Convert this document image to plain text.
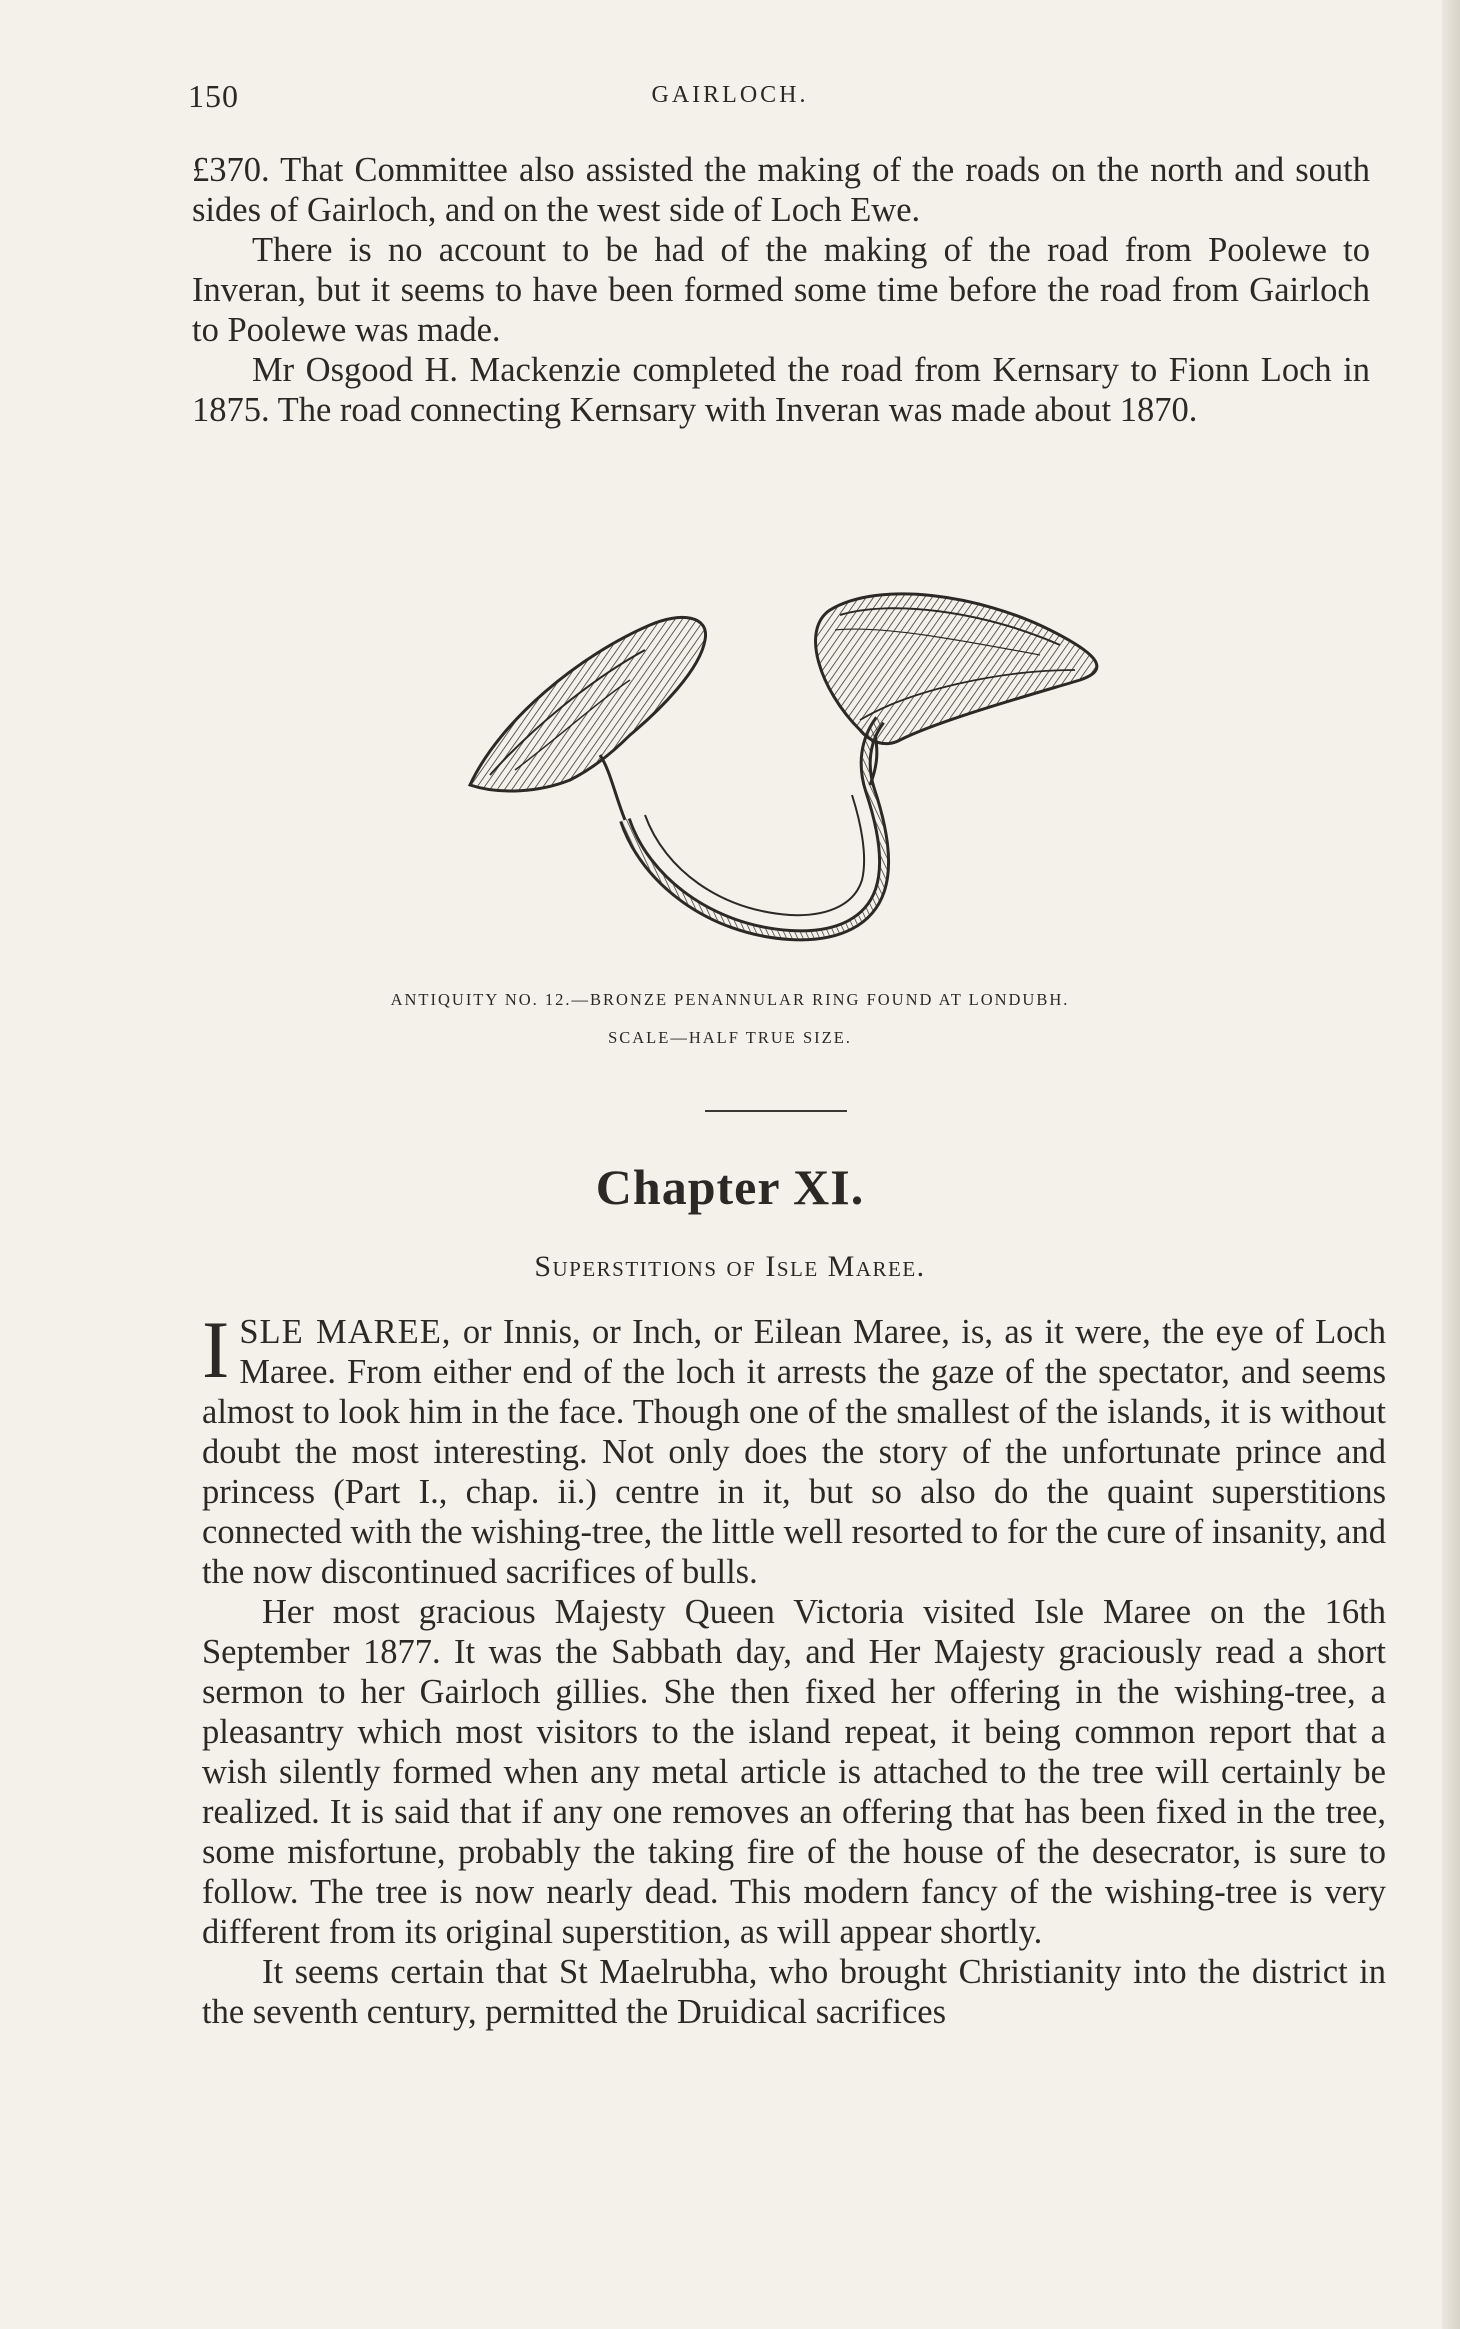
150	GAIRLOCH.

£370. That Committee also assisted the making of the roads on the north and south sides of Gairloch, and on the west side of Loch Ewe.

There is no account to be had of the making of the road from Poolewe to Inveran, but it seems to have been formed some time before the road from Gairloch to Poolewe was made.

Mr Osgood H. Mackenzie completed the road from Kernsary to Fionn Loch in 1875. The road connecting Kernsary with Inveran was made about 1870.

ANTIQUITY NO. 12.—BRONZE PENANNULAR RING FOUND AT LONDUBH.
SCALE—HALF TRUE SIZE.
Chapter XI.
Superstitions of Isle Maree.

ISLE MAREE, or Innis, or Inch, or Eilean Maree, is, as it were, the eye of Loch Maree. From either end of the loch it arrests the gaze of the spectator, and seems almost to look him in the face. Though one of the smallest of the islands, it is without doubt the most interesting. Not only does the story of the unfortunate prince and princess (Part I., chap. ii.) centre in it, but so also do the quaint superstitions connected with the wishing-tree, the little well resorted to for the cure of insanity, and the now discontinued sacrifices of bulls.

Her most gracious Majesty Queen Victoria visited Isle Maree on the 16th September 1877. It was the Sabbath day, and Her Majesty graciously read a short sermon to her Gairloch gillies. She then fixed her offering in the wishing-tree, a pleasantry which most visitors to the island repeat, it being common report that a wish silently formed when any metal article is attached to the tree will certainly be realized. It is said that if any one removes an offering that has been fixed in the tree, some misfortune, probably the taking fire of the house of the desecrator, is sure to follow. The tree is now nearly dead. This modern fancy of the wishing-tree is very different from its original superstition, as will appear shortly.

It seems certain that St Maelrubha, who brought Christianity into the district in the seventh century, permitted the Druidical sacrifices
